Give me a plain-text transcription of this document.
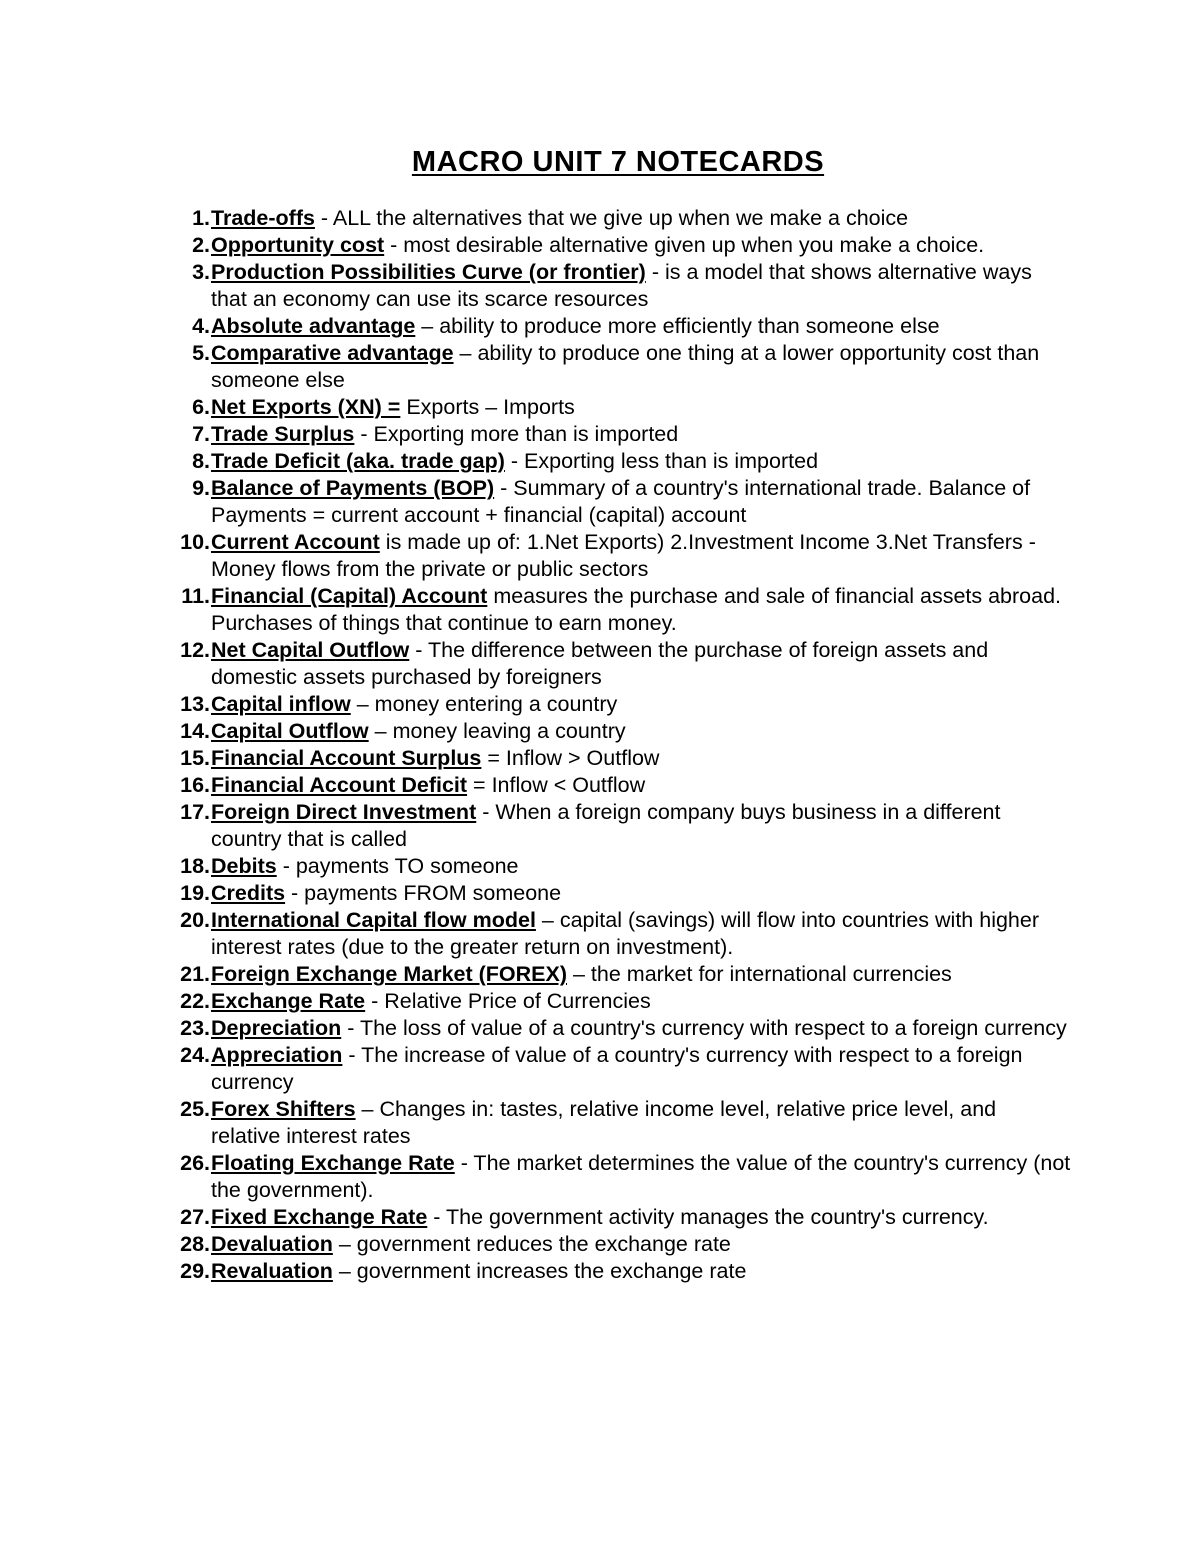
MACRO UNIT 7 NOTECARDS
1. Trade-offs - ALL the alternatives that we give up when we make a choice
2. Opportunity cost - most desirable alternative given up when you make a choice.
3. Production Possibilities Curve (or frontier) - is a model that shows alternative ways that an economy can use its scarce resources
4. Absolute advantage – ability to produce more efficiently than someone else
5. Comparative advantage – ability to produce one thing at a lower opportunity cost than someone else
6. Net Exports (XN) = Exports – Imports
7. Trade Surplus - Exporting more than is imported
8. Trade Deficit (aka. trade gap) - Exporting less than is imported
9. Balance of Payments (BOP) - Summary of a country's international trade. Balance of Payments = current account + financial (capital) account
10. Current Account is made up of: 1.Net Exports) 2.Investment Income 3.Net Transfers - Money flows from the private or public sectors
11. Financial (Capital) Account measures the purchase and sale of financial assets abroad. Purchases of things that continue to earn money.
12. Net Capital Outflow - The difference between the purchase of foreign assets and domestic assets purchased by foreigners
13. Capital inflow – money entering a country
14. Capital Outflow – money leaving a country
15. Financial Account Surplus = Inflow > Outflow
16. Financial Account Deficit = Inflow < Outflow
17. Foreign Direct Investment - When a foreign company buys business in a different country that is called
18. Debits - payments TO someone
19. Credits - payments FROM someone
20. International Capital flow model – capital (savings) will flow into countries with higher interest rates (due to the greater return on investment).
21. Foreign Exchange Market (FOREX) – the market for international currencies
22. Exchange Rate - Relative Price of Currencies
23. Depreciation - The loss of value of a country's currency with respect to a foreign currency
24. Appreciation - The increase of value of a country's currency with respect to a foreign currency
25. Forex Shifters – Changes in: tastes, relative income level, relative price level, and relative interest rates
26. Floating Exchange Rate - The market determines the value of the country's currency (not the government).
27. Fixed Exchange Rate - The government activity manages the country's currency.
28. Devaluation – government reduces the exchange rate
29. Revaluation – government increases the exchange rate
